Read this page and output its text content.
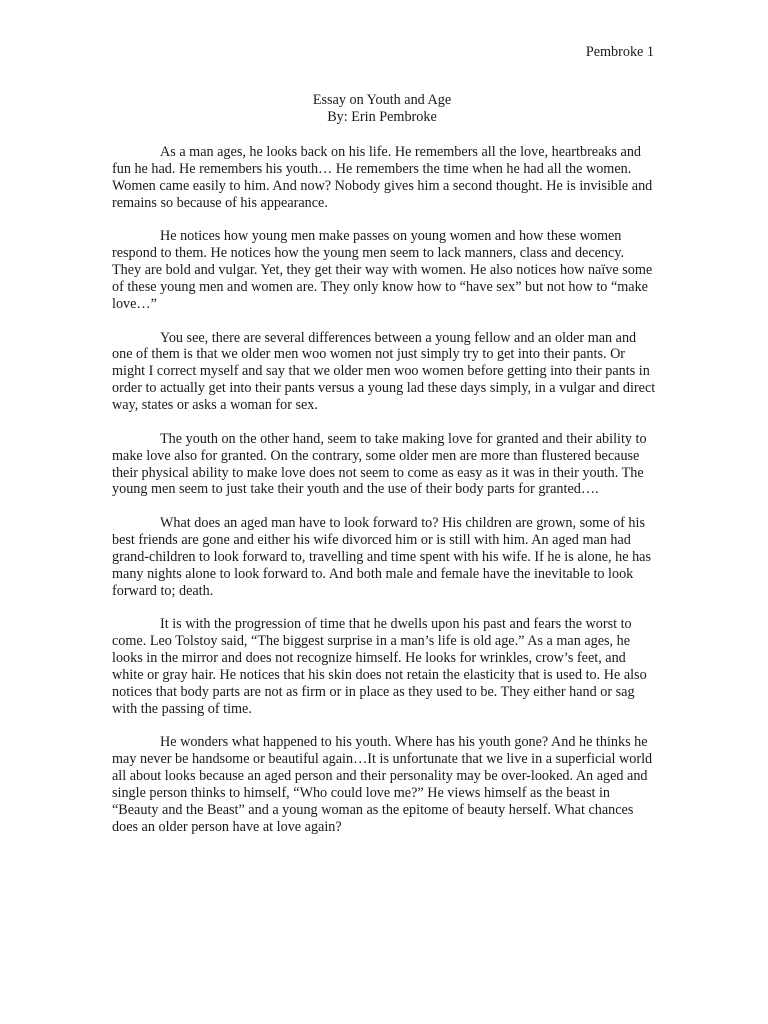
Pembroke 1
Essay on Youth and Age
By: Erin Pembroke

As a man ages, he looks back on his life. He remembers all the love, heartbreaks and fun he had. He remembers his youth… He remembers the time when he had all the women. Women came easily to him. And now? Nobody gives him a second thought. He is invisible and remains so because of his appearance.

He notices how young men make passes on young women and how these women respond to them. He notices how the young men seem to lack manners, class and decency. They are bold and vulgar. Yet, they get their way with women. He also notices how naïve some of these young men and women are. They only know how to “have sex” but not how to “make love…”

You see, there are several differences between a young fellow and an older man and one of them is that we older men woo women not just simply try to get into their pants. Or might I correct myself and say that we older men woo women before getting into their pants in order to actually get into their pants versus a young lad these days simply, in a vulgar and direct way, states or asks a woman for sex.

The youth on the other hand, seem to take making love for granted and their ability to make love also for granted. On the contrary, some older men are more than flustered because their physical ability to make love does not seem to come as easy as it was in their youth. The young men seem to just take their youth and the use of their body parts for granted….

What does an aged man have to look forward to? His children are grown, some of his best friends are gone and either his wife divorced him or is still with him. An aged man had grand-children to look forward to, travelling and time spent with his wife. If he is alone, he has many nights alone to look forward to. And both male and female have the inevitable to look forward to; death.

It is with the progression of time that he dwells upon his past and fears the worst to come. Leo Tolstoy said, “The biggest surprise in a man’s life is old age.” As a man ages, he looks in the mirror and does not recognize himself. He looks for wrinkles, crow’s feet, and white or gray hair. He notices that his skin does not retain the elasticity that is used to. He also notices that body parts are not as firm or in place as they used to be. They either hand or sag with the passing of time.

He wonders what happened to his youth. Where has his youth gone? And he thinks he may never be handsome or beautiful again…It is unfortunate that we live in a superficial world all about looks because an aged person and their personality may be over-looked. An aged and single person thinks to himself, “Who could love me?” He views himself as the beast in “Beauty and the Beast” and a young woman as the epitome of beauty herself. What chances does an older person have at love again?
